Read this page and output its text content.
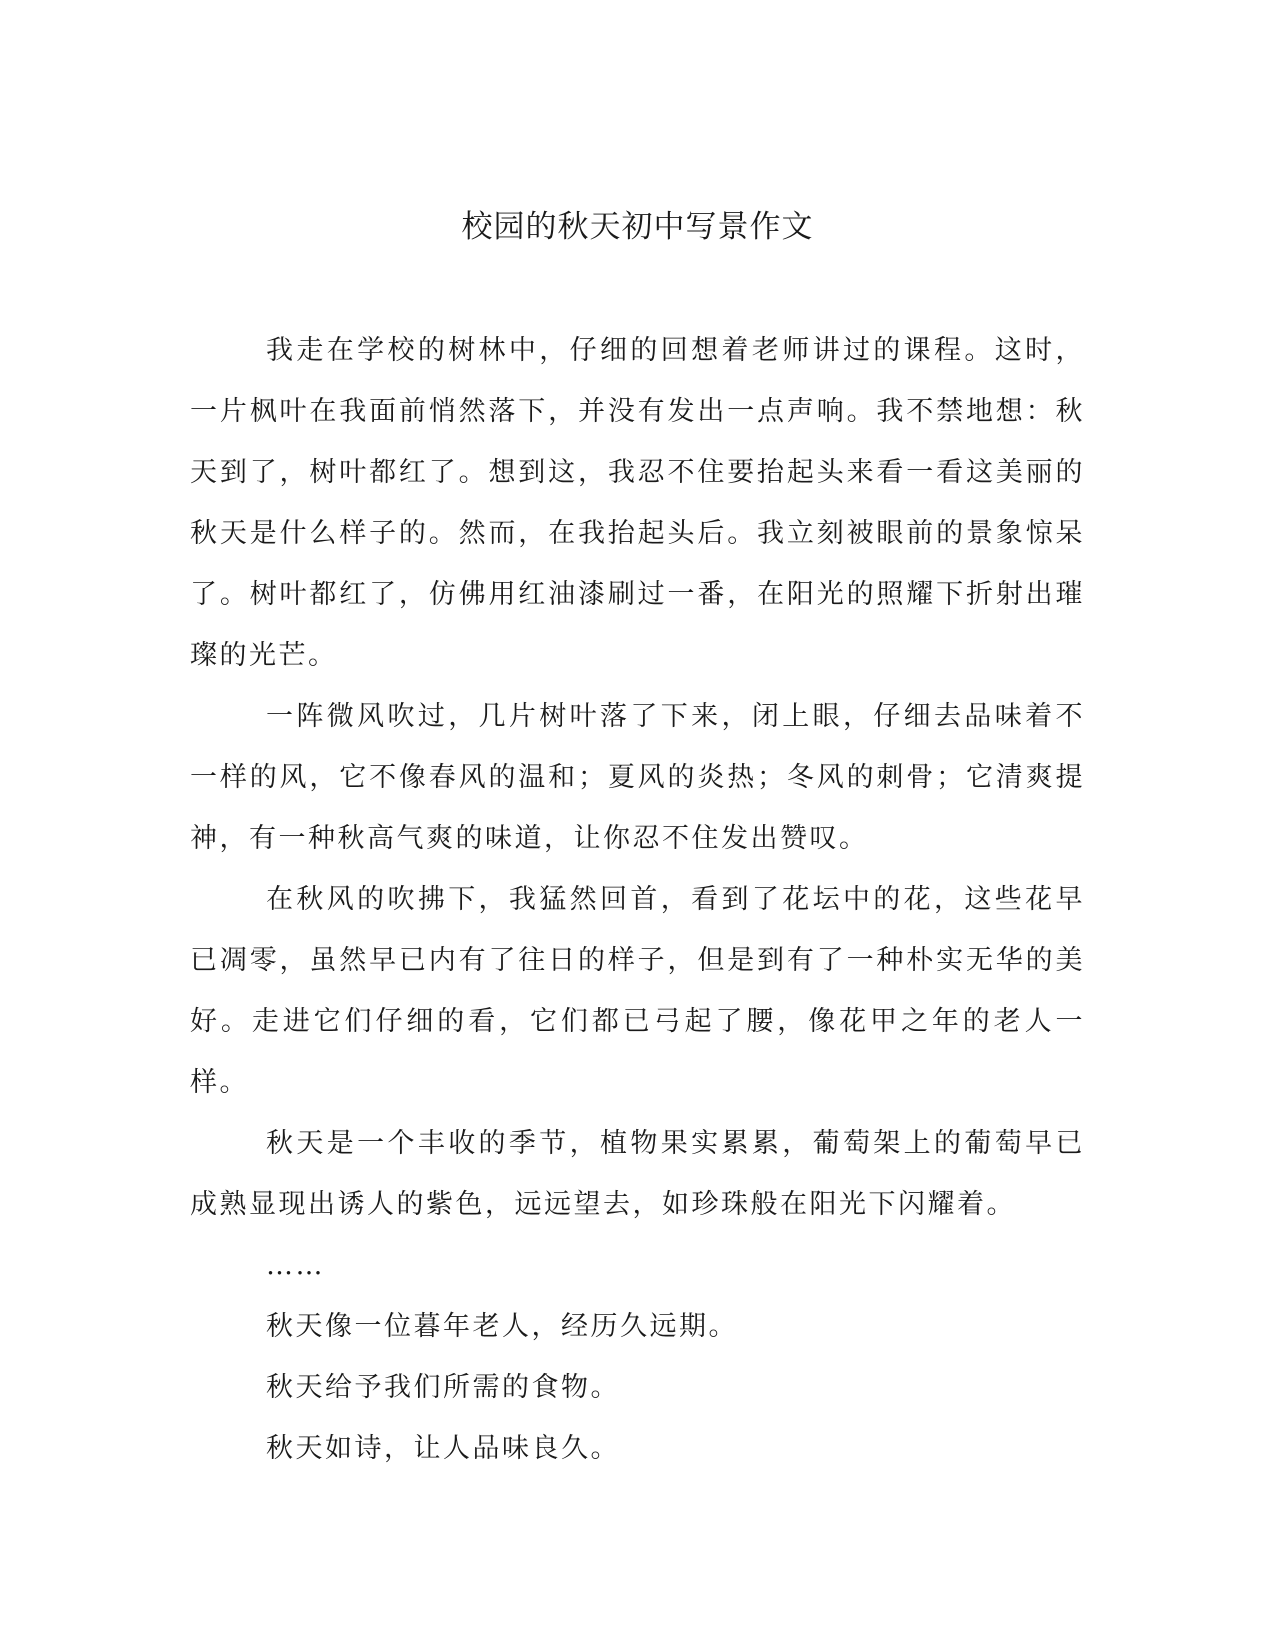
校园的秋天初中写景作文

我走在学校的树林中，仔细的回想着老师讲过的课程。这时，一片枫叶在我面前悄然落下，并没有发出一点声响。我不禁地想：秋天到了，树叶都红了。想到这，我忍不住要抬起头来看一看这美丽的秋天是什么样子的。然而，在我抬起头后。我立刻被眼前的景象惊呆了。树叶都红了，仿佛用红油漆刷过一番，在阳光的照耀下折射出璀璨的光芒。

一阵微风吹过，几片树叶落了下来，闭上眼，仔细去品味着不一样的风，它不像春风的温和；夏风的炎热；冬风的刺骨；它清爽提神，有一种秋高气爽的味道，让你忍不住发出赞叹。

在秋风的吹拂下，我猛然回首，看到了花坛中的花，这些花早已凋零，虽然早已内有了往日的样子，但是到有了一种朴实无华的美好。走进它们仔细的看，它们都已弓起了腰，像花甲之年的老人一样。

秋天是一个丰收的季节，植物果实累累，葡萄架上的葡萄早已成熟显现出诱人的紫色，远远望去，如珍珠般在阳光下闪耀着。

……

秋天像一位暮年老人，经历久远期。

秋天给予我们所需的食物。

秋天如诗，让人品味良久。
